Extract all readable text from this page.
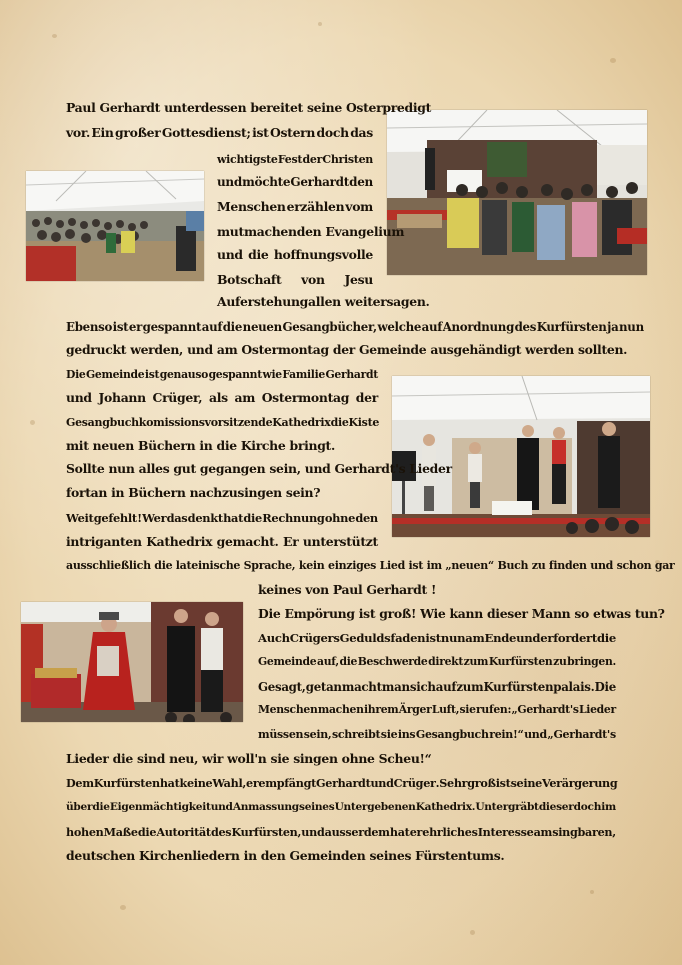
Paul Gerhardt unterdessen bereitet seine Osterpredigt
vor. Ein großer Gottesdienst; ist Ostern doch das
wichtigste Fest der Christen
und möchte Gerhardt den
Menschen erzählen vom
mutmachenden Evangelium
und die hoffnungsvolle
Botschaft von Jesu
Auferstehungallen weitersagen.
Ebenso ist er gespannt auf die neuen Gesangbücher, welche auf Anordnung des Kurfürsten ja nun
gedruckt werden, und am Ostermontag der Gemeinde ausgehändigt werden sollten.
Die Gemeinde ist genauso gespannt wie Familie Gerhardt
und Johann Crüger, als am Ostermontag der
Gesangbuchkomissionsvorsitzende Kathedrix die Kiste
mit neuen Büchern in die Kirche bringt.
Sollte nun alles gut gegangen sein, und Gerhardt's Lieder
fortan in Büchern nachzusingen sein?
Weit gefehlt ! Wer das denkt hat die Rechnung ohne den
intriganten Kathedrix gemacht. Er unterstützt
ausschließlich die lateinische Sprache, kein einziges Lied ist im „neuen“ Buch zu finden und schon gar
keines von Paul Gerhardt !
Die Empörung ist groß! Wie kann dieser Mann so etwas tun?
Auch Crügers Geduldsfaden ist nun am Ende und er fordert die
Gemeinde auf, die Beschwerde direkt zum Kurfürsten zu bringen.
Gesagt, getan macht man sich auf zum Kurfürstenpalais. Die
Menschen machen ihrem Ärger Luft, sie rufen: „Gerhardt's Lieder
müssen sein, schreibt sie ins Gesangbuch rein!“ und „Gerhardt's
Lieder die sind neu, wir woll'n sie singen ohne Scheu!“
Dem Kurfürsten hat keine Wahl, er empfängt Gerhardt und Crüger . Sehr groß ist seine Verärgerung
über die Eigenmächtigkeit und Anmassung seines Untergebenen Kathedrix. Untergräbt dieser doch im
hohen Maße die Autorität des Kurfürsten, und ausserdem hat er ehrliches Interesse am singbaren,
deutschen Kirchenliedern in den Gemeinden seines Fürstentums.
